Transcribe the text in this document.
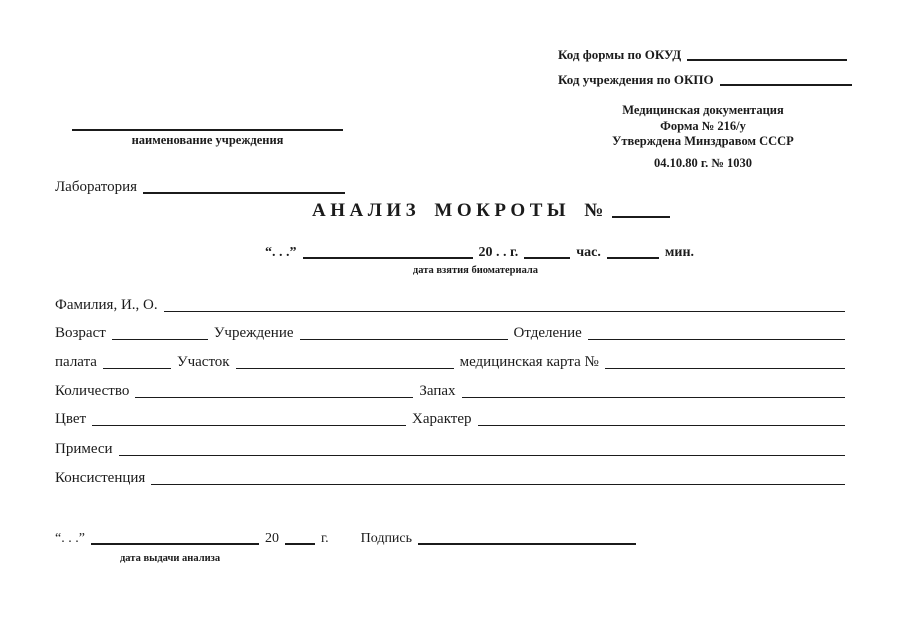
Код формы по ОКУД
Код учреждения по ОКПО
Медицинская документация
Форма № 216/у
Утверждена Минздравом СССР
04.10.80 г. № 1030
наименование учреждения
Лаборатория
АНАЛИЗ МОКРОТЫ №
“. . .”	20 . . г.	час.	мин.
дата взятия биоматериала
Фамилия, И., О.
Возраст	Учреждение	Отделение
палата	Участок	медицинская карта №
Количество	Запах
Цвет	Характер
Примеси
Консистенция
“. . .”	20	г. Подпись
дата выдачи анализа
